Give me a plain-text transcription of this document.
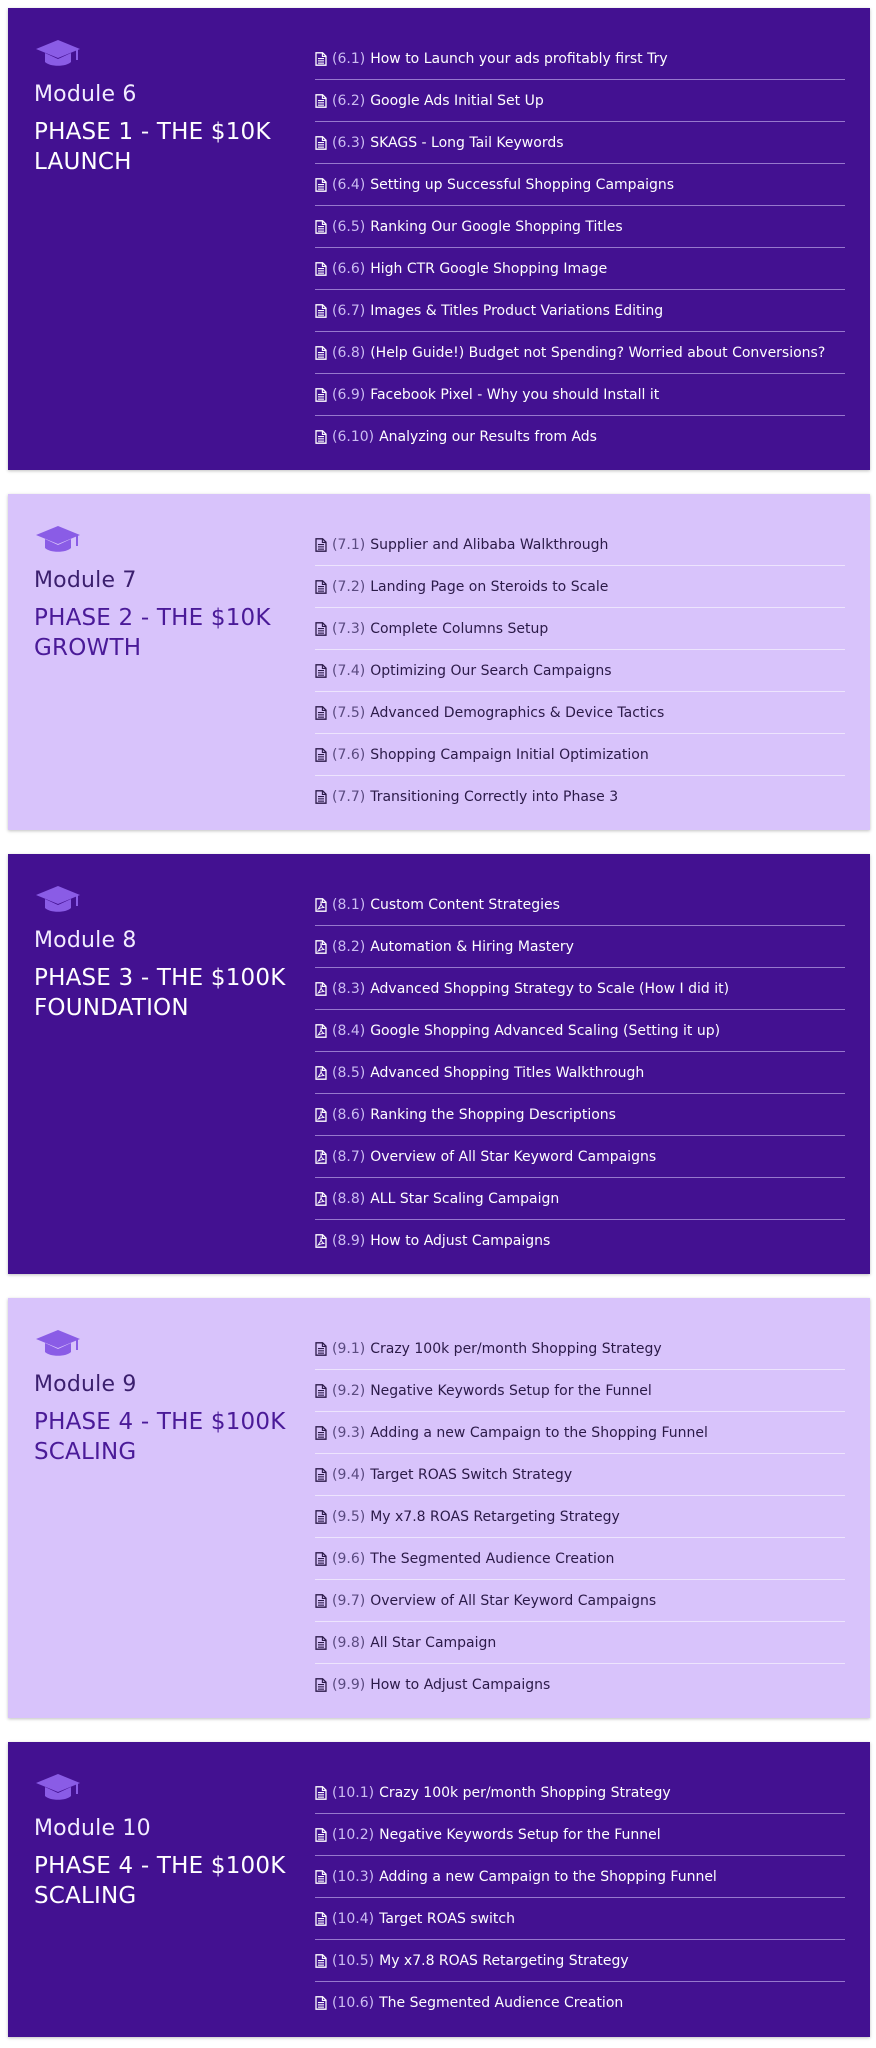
Module 6
PHASE 1 - THE $10K LAUNCH
(6.1) How to Launch your ads profitably first Try
(6.2) Google Ads Initial Set Up
(6.3) SKAGS - Long Tail Keywords
(6.4) Setting up Successful Shopping Campaigns
(6.5) Ranking Our Google Shopping Titles
(6.6) High CTR Google Shopping Image
(6.7) Images & Titles Product Variations Editing
(6.8) (Help Guide!) Budget not Spending? Worried about Conversions?
(6.9) Facebook Pixel - Why you should Install it
(6.10) Analyzing our Results from Ads
Module 7
PHASE 2 - THE $10K GROWTH
(7.1) Supplier and Alibaba Walkthrough
(7.2) Landing Page on Steroids to Scale
(7.3) Complete Columns Setup
(7.4) Optimizing Our Search Campaigns
(7.5) Advanced Demographics & Device Tactics
(7.6) Shopping Campaign Initial Optimization
(7.7) Transitioning Correctly into Phase 3
Module 8
PHASE 3 - THE $100K FOUNDATION
(8.1) Custom Content Strategies
(8.2) Automation & Hiring Mastery
(8.3) Advanced Shopping Strategy to Scale (How I did it)
(8.4) Google Shopping Advanced Scaling (Setting it up)
(8.5) Advanced Shopping Titles Walkthrough
(8.6) Ranking the Shopping Descriptions
(8.7) Overview of All Star Keyword Campaigns
(8.8) ALL Star Scaling Campaign
(8.9) How to Adjust Campaigns
Module 9
PHASE 4 - THE $100K SCALING
(9.1) Crazy 100k per/month Shopping Strategy
(9.2) Negative Keywords Setup for the Funnel
(9.3) Adding a new Campaign to the Shopping Funnel
(9.4) Target ROAS Switch Strategy
(9.5) My x7.8 ROAS Retargeting Strategy
(9.6) The Segmented Audience Creation
(9.7) Overview of All Star Keyword Campaigns
(9.8) All Star Campaign
(9.9) How to Adjust Campaigns
Module 10
PHASE 4 - THE $100K SCALING
(10.1) Crazy 100k per/month Shopping Strategy
(10.2) Negative Keywords Setup for the Funnel
(10.3) Adding a new Campaign to the Shopping Funnel
(10.4) Target ROAS switch
(10.5) My x7.8 ROAS Retargeting Strategy
(10.6) The Segmented Audience Creation
